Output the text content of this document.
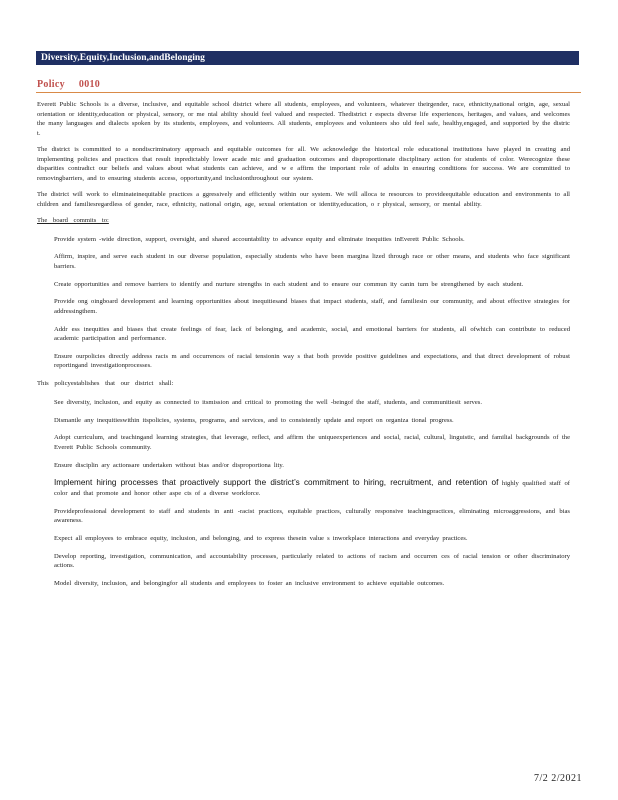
Diversity,Equity,Inclusion,andBelonging
Policy 0010

Everett Public Schools is a diverse, inclusive, and equitable school district where all students, employees, and volunteers, whatever theirgender, race, ethnicity,national origin, age, sexual orientation or identity,education or physical, sensory, or me ntal ability should feel valued and respected. Thedistrict r espects diverse life experiences, heritages, and values, and welcomes the many languages and dialects spoken by its students, employees, and volunteers. All students, employees and volunteers sho uld feel safe, healthy,engaged, and supported by the distric t.

The district is committed to a nondiscriminatory approach and equitable outcomes for all. We acknowledge the historical role educational institutions have played in creating and implementing policies and practices that result inpredictably lower acade mic and graduation outcomes and disproportionate disciplinary action for students of color. Werecognize these disparities contradict our beliefs and values about what students can achieve, and w e affirm the important role of adults in ensuring conditions for success. We are committed to removingbarriers, and to ensuring students access, opportunity,and inclusionthroughout our system.

The district will work to eliminateinequitable practices a ggressively and efficiently within our system. We will alloca te resources to provideequitable education and environments to all children and familiesregardless of gender, race, ethnicity, national origin, age, sexual orientation or identity,education, o r physical, sensory, or mental ability.

The board commits to:
Provide system -wide direction, support, oversight, and shared accountability to advance equity and eliminate inequities inEverett Public Schools.
Affirm, inspire, and serve each student in our diverse population, especially students who have been margina lized through race or other means, and students who face significant barriers.
Create opportunities and remove barriers to identify and nurture strengths in each student and to ensure our commun ity canin turn be strengthened by each student.
Provide ong oingboard development and learning opportunities about inequitiesand biases that impact students, staff, and familiesin our community, and about effective strategies for addressingthem.
Addr ess inequities and biases that create feelings of fear, lack of belonging, and academic, social, and emotional barriers for students, all ofwhich can contribute to reduced academic participation and performance.
Ensure ourpolicies directly address racis m and occurrences of racial tensionin way s that both provide positive guidelines and expectations, and that direct development of robust reportingand investigationprocesses.
This policyestablishes that our district shall:
See diversity, inclusion, and equity as connected to itsmission and critical to promoting the well -beingof the staff, students, and communitiesit serves.
Dismantle any inequitieswithin itspolicies, systems, programs, and services, and to consistently update and report on organiza tional progress.
Adopt curriculum, and teachingand learning strategies, that leverage, reflect, and affirm the uniqueexperiences and social, racial, cultural, linguistic, and familial backgrounds of the Everett Public Schools community.
Ensure disciplin ary actionsare undertaken without bias and/or disproportiona lity.
Implement hiring processes that proactively support the district’s commitment to hiring, recruitment, and retention of highly qualified staff of color and that promote and honor other aspe cts of a diverse workforce.
Provideprofessional development to staff and students in anti -racist practices, equitable practices, culturally responsive teachingpractices, eliminating microaggressions, and bias awareness.
Expect all employees to embrace equity, inclusion, and belonging, and to express thesein value s inworkplace interactions and everyday practices.
Develop reporting, investigation, communication, and accountability processes, particularly related to actions of racism and occurren ces of racial tension or other discriminatory actions.
Model diversity, inclusion, and belongingfor all students and employees to foster an inclusive environment to achieve equitable outcomes.
7/2 2/2021
